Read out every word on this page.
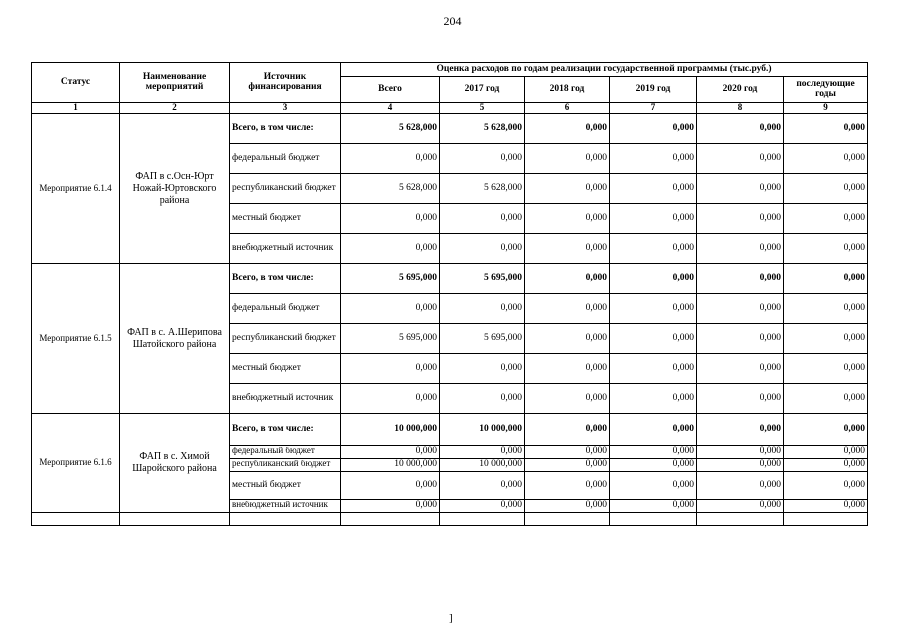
204
Статус	Наименование мероприятий	Источник финансирования	Оценка расходов по годам реализации государственной программы (тыс.руб.)					
			Всего	2017 год	2018 год	2019 год	2020 год	последующие годы
1	2	3	4	5	6	7	8	9
Мероприятие 6.1.4	ФАП в с.Осн-Юрт Ножай-Юртовского района	Всего, в том числе:	5 628,000	5 628,000	0,000	0,000	0,000	0,000
		федеральный бюджет	0,000	0,000	0,000	0,000	0,000	0,000
		республиканский бюджет	5 628,000	5 628,000	0,000	0,000	0,000	0,000
		местный бюджет	0,000	0,000	0,000	0,000	0,000	0,000
		внебюджетный источник	0,000	0,000	0,000	0,000	0,000	0,000
Мероприятие 6.1.5	ФАП в с. А.Шерипова Шатойского района	Всего, в том числе:	5 695,000	5 695,000	0,000	0,000	0,000	0,000
		федеральный бюджет	0,000	0,000	0,000	0,000	0,000	0,000
		республиканский бюджет	5 695,000	5 695,000	0,000	0,000	0,000	0,000
		местный бюджет	0,000	0,000	0,000	0,000	0,000	0,000
		внебюджетный источник	0,000	0,000	0,000	0,000	0,000	0,000
Мероприятие 6.1.6	ФАП в с. Химой Шаройского района	Всего, в том числе:	10 000,000	10 000,000	0,000	0,000	0,000	0,000

		федеральный бюджет	0,000	0,000	0,000	0,000	0,000	0,000

		республиканский бюджет	10 000,000	10 000,000	0,000	0,000	0,000	0,000
		местный бюджет	0,000	0,000	0,000	0,000	0,000	0,000

		внебюджетный источник	0,000	0,000	0,000	0,000	0,000	0,000

]
